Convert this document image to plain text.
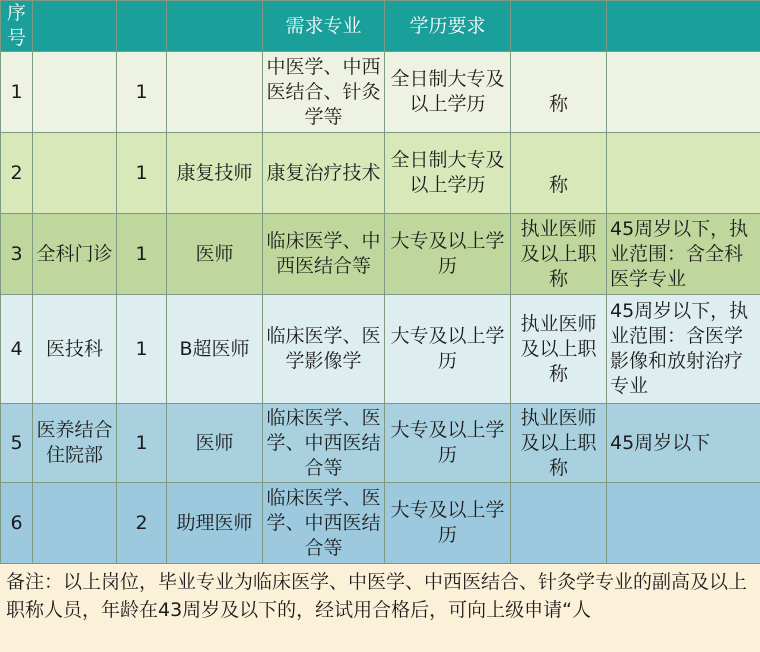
序号				需求专业	学历要求		
1		1		中医学、中西医结合、针灸学等	全日制大专及以上学历	称	
2		1	康复技师	康复治疗技术	全日制大专及以上学历	称	
3	全科门诊	1	医师	临床医学、中西医结合等	大专及以上学历	执业医师及以上职称	45周岁以下，执业范围：含全科医学专业
4	医技科	1	B超医师	临床医学、医学影像学	大专及以上学历	执业医师及以上职称	45周岁以下，执业范围：含医学影像和放射治疗专业
5	医养结合住院部	1	医师	临床医学、医学、中西医结合等	大专及以上学历	执业医师及以上职称	45周岁以下
6		2	助理医师	临床医学、医学、中西医结合等	大专及以上学历		
备注：以上岗位，毕业专业为临床医学、中医学、中西医结合、针灸学专业的副高及以上职称人员，年龄在43周岁及以下的，经试用合格后，可向上级申请“人
